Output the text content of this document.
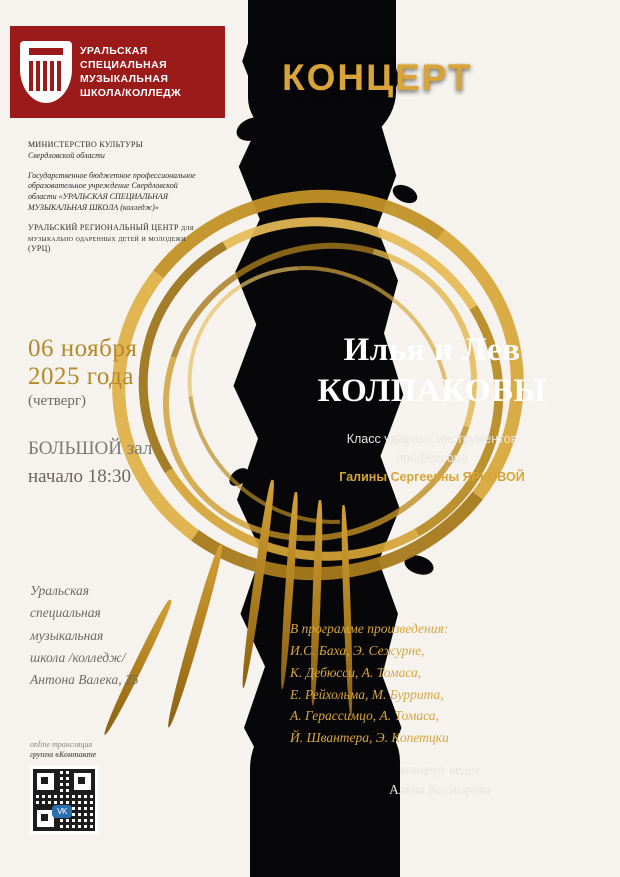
УРАЛЬСКАЯ
СПЕЦИАЛЬНАЯ
МУЗЫКАЛЬНАЯ
ШКОЛА/КОЛЛЕДЖ
МИНИСТЕРСТВО КУЛЬТУРЫ
Свердловской области
Государственное бюджетное профессиональное образовательное учреждение Свердловской области «УРАЛЬСКАЯ СПЕЦИАЛЬНАЯ МУЗЫКАЛЬНАЯ ШКОЛА (колледж)»
УРАЛЬСКИЙ РЕГИОНАЛЬНЫЙ ЦЕНТР для музыкально одаренных детей и молодежи (УРЦ)
06 ноября
2025 года
(четверг)
БОЛЬШОЙ зал
начало 18:30
Уральская
специальная
музыкальная
школа /колледж/
Антона Валека, 25
online трансляция
группа вКонтакте
VK
КОНЦЕРТ
Илья и Лев
КОЛПАКОВЫ
Класс ударных инструментов
профессора
Галины Сергеевны ЯРКОВОЙ
В программе произведения:
И.С. Баха, Э. Сежурне,
К. Дебюсси, А. Томаса,
Е. Рейхольма, М. Буррита,
А. Герассимцо, А. Томаса,
Й. Швантера, Э. Копетцки
концерт ведет
Алена Коснырева
